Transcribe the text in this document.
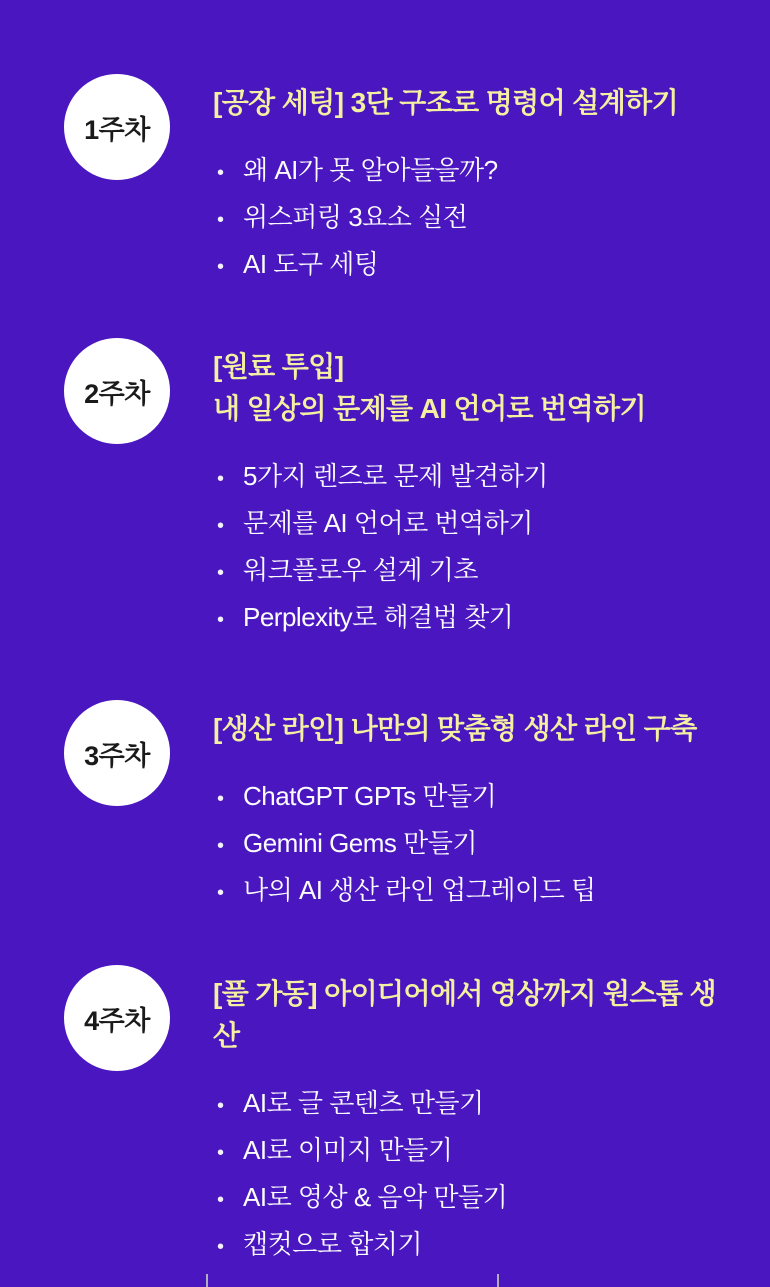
1주차
[공장 세팅] 3단 구조로 명령어 설계하기
• 왜 AI가 못 알아들을까?
• 위스퍼링 3요소 실전
• AI 도구 세팅
2주차
[원료 투입]
내 일상의 문제를 AI 언어로 번역하기
• 5가지 렌즈로 문제 발견하기
• 문제를 AI 언어로 번역하기
• 워크플로우 설계 기초
• Perplexity로 해결법 찾기
3주차
[생산 라인] 나만의 맞춤형 생산 라인 구축
• ChatGPT GPTs 만들기
• Gemini Gems 만들기
• 나의 AI 생산 라인 업그레이드 팁
4주차
[풀 가동] 아이디어에서 영상까지 원스톱 생산
• AI로 글 콘텐츠 만들기
• AI로 이미지 만들기
• AI로 영상 & 음악 만들기
• 캡컷으로 합치기
